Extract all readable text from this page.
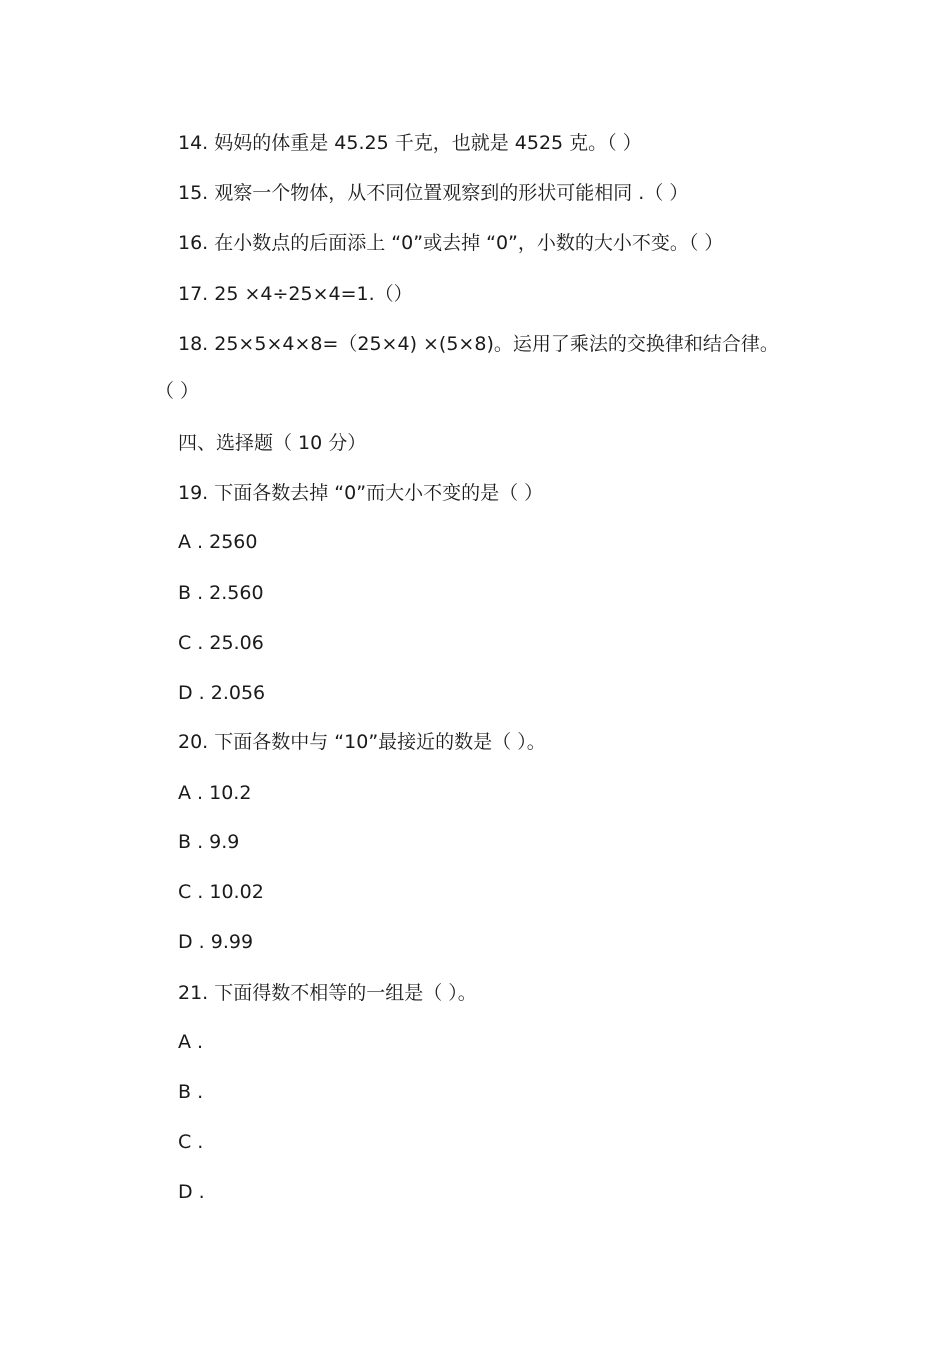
14. 妈妈的体重是 45.25 千克，也就是 4525 克。（ ）
15. 观察一个物体，从不同位置观察到的形状可能相同 .（ ）
16. 在小数点的后面添上 “0”或去掉 “0”，小数的大小不变。（ ）
17. 25 ×4÷25×4=1.（）
18. 25×5×4×8=（25×4) ×(5×8)。运用了乘法的交换律和结合律。
（ ）
四、选择题（ 10 分）
19. 下面各数去掉 “0”而大小不变的是（ ）
A . 2560
B . 2.560
C . 25.06
D . 2.056
20. 下面各数中与 “10”最接近的数是（ ）。
A . 10.2
B . 9.9
C . 10.02
D . 9.99
21. 下面得数不相等的一组是（ ）。
A .
B .
C .
D .
